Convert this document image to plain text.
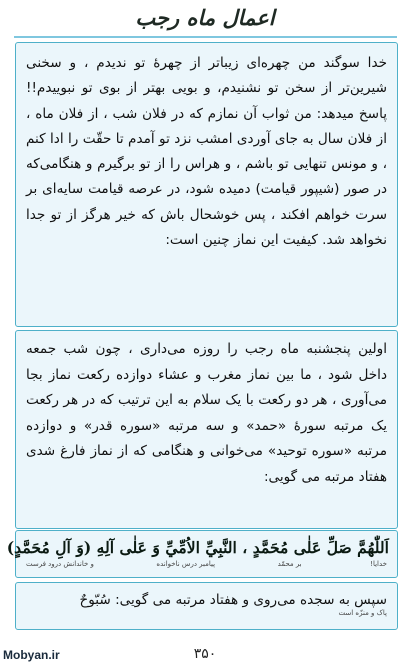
اعمال ماه رجب

خدا سوگند من چهره‌ای زیباتر از چهرهٔ تو ندیدم ، و سخنی شیرین‌تر از سخن تو نشنیدم، و بویی بهتر از بوی تو نبوییدم!! پاسخ میدهد: من ثواب آن نمازم که در فلان شب ، از فلان ماه ، از فلان سال به جای آوردی امشب نزد تو آمدم تا حقّت را ادا کنم ، و مونس تنهایی تو باشم ، و هراس را از تو برگیرم و هنگامی‌که در صور (شیپور قیامت) دمیده شود، در عرصه قیامت سایه‌ای بر سرت خواهم افکند ، پس خوشحال باش که خیر هرگز از تو جدا نخواهد شد. کیفیت این نماز چنین است:

اولین پنجشنبه ماه رجب را روزه می‌داری ، چون شب جمعه داخل شود ، ما بین نماز مغرب و عشاء دوازده رکعت نماز بجا می‌آوری ، هر دو رکعت با یک سلام به این ترتیب که در هر رکعت یک مرتبه سورهٔ «حمد» و سه مرتبه «سوره قدر» و دوازده مرتبه «سوره توحید» می‌خوانی و هنگامی که از نماز فارغ شدی هفتاد مرتبه می گویی:

اَللّٰهُمَّ صَلِّ عَلٰى مُحَمَّدٍ ، النَّبِيِّ الاُمِّيِّ وَ عَلٰى آلِهِ (وَ آلِ مُحَمَّدٍ)

خدایا!
بر محمّد
پیامبر درس ناخوانده
و خاندانش درود فرست

سپس به سجده می‌روی و هفتاد مرتبه می گویی: سُبّوحٌ

پاک و منزّه است
Mobyan.ir	۳۵۰
